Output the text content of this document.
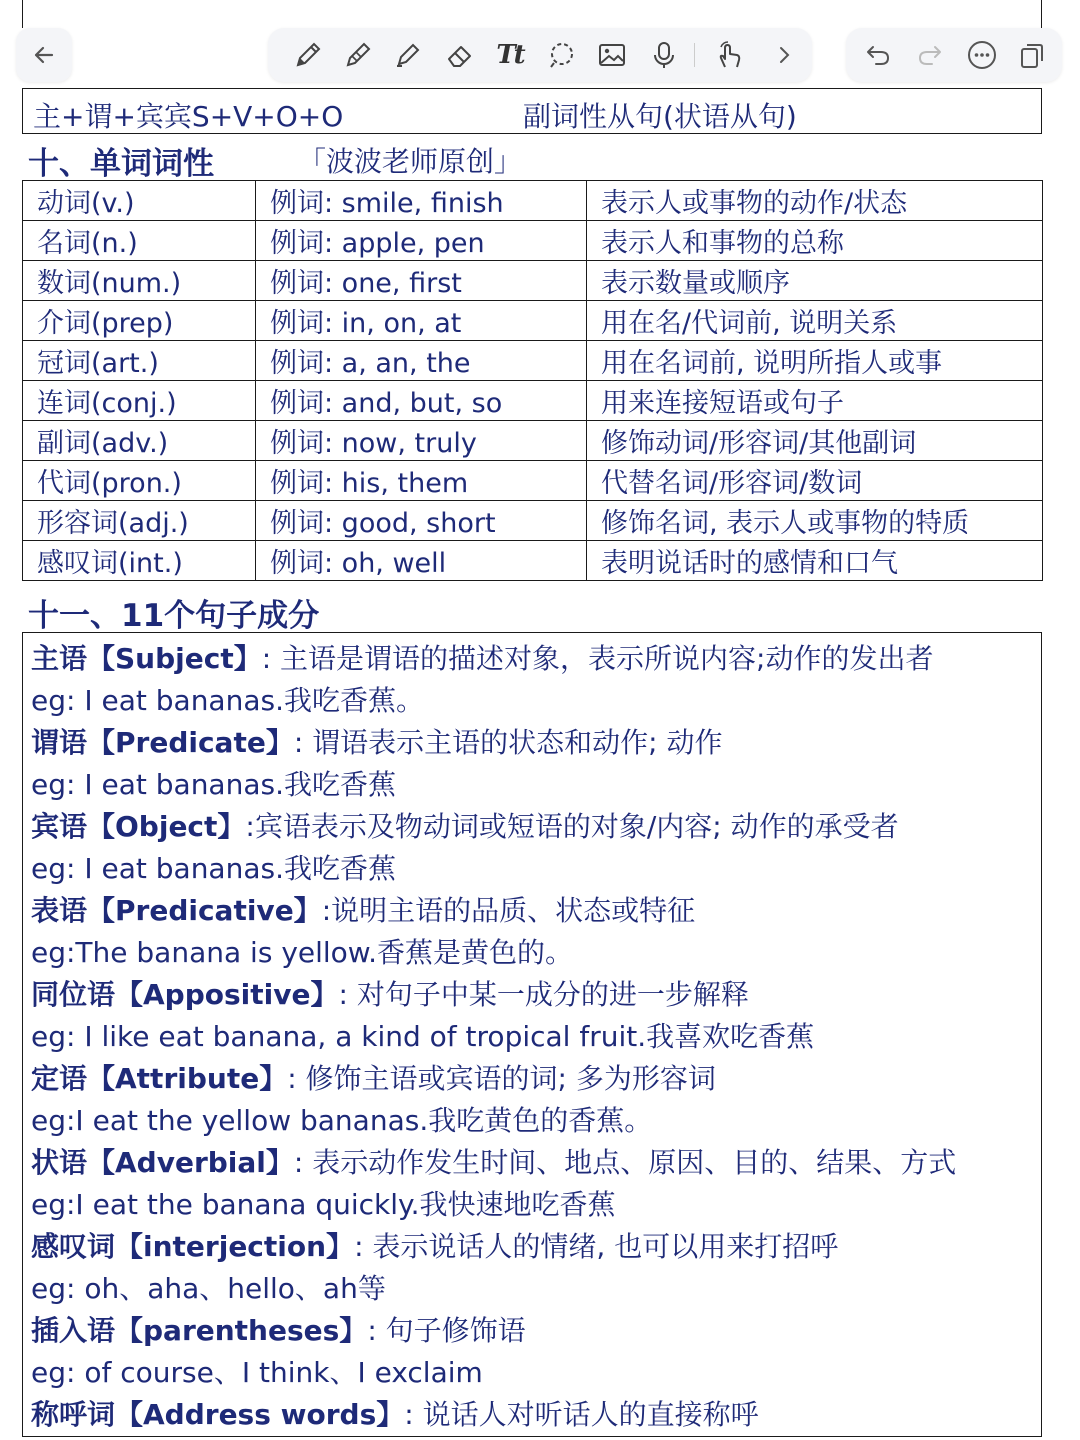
Tt
主+谓+宾宾S+V+O+O	副词性从句(状语从句)
十、单词词性	「波波老师原创」
动词(v.)	例词: smile, finish	表示人或事物的动作/状态
名词(n.)	例词: apple, pen	表示人和事物的总称
数词(num.)	例词: one, first	表示数量或顺序
介词(prep)	例词: in, on, at	用在名/代词前, 说明关系
冠词(art.)	例词: a, an, the	用在名词前, 说明所指人或事
连词(conj.)	例词: and, but, so	用来连接短语或句子
副词(adv.)	例词: now, truly	修饰动词/形容词/其他副词
代词(pron.)	例词: his, them	代替名词/形容词/数词
形容词(adj.)	例词: good, short	修饰名词, 表示人或事物的特质
感叹词(int.)	例词: oh, well	表明说话时的感情和口气
十一、11个句子成分
主语【Subject】: 主语是谓语的描述对象，表示所说内容;动作的发出者
eg: I eat bananas.我吃香蕉。
谓语【Predicate】: 谓语表示主语的状态和动作; 动作
eg: I eat bananas.我吃香蕉
宾语【Object】:宾语表示及物动词或短语的对象/内容; 动作的承受者
eg: I eat bananas.我吃香蕉
表语【Predicative】:说明主语的品质、状态或特征
eg:The banana is yellow.香蕉是黄色的。
同位语【Appositive】: 对句子中某一成分的进一步解释
eg: I like eat banana, a kind of tropical fruit.我喜欢吃香蕉
定语【Attribute】: 修饰主语或宾语的词; 多为形容词
eg:I eat the yellow bananas.我吃黄色的香蕉。
状语【Adverbial】: 表示动作发生时间、地点、原因、目的、结果、方式
eg:I eat the banana quickly.我快速地吃香蕉
感叹词【interjection】: 表示说话人的情绪, 也可以用来打招呼
eg: oh、aha、hello、ah等
插入语【parentheses】: 句子修饰语
eg: of course、I think、I exclaim
称呼词【Address words】: 说话人对听话人的直接称呼
